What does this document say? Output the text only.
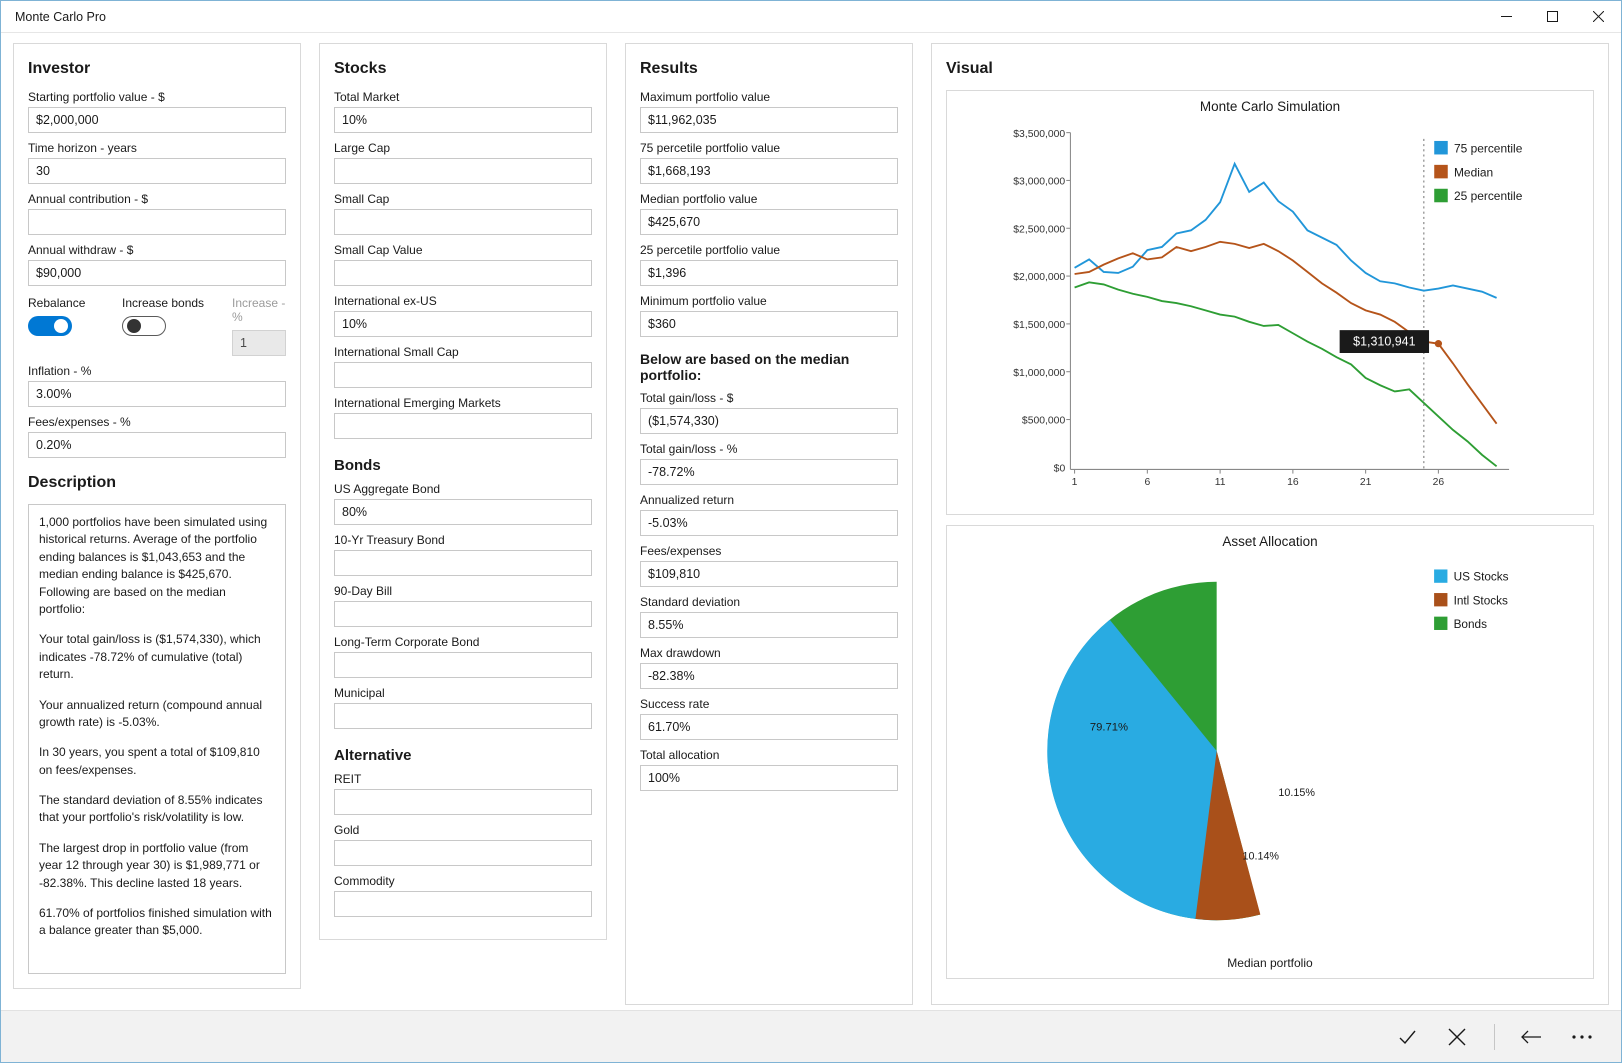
Monte Carlo Pro
Investor
Starting portfolio value - $
$2,000,000
Time horizon - years
30
Annual contribution - $
Annual withdraw - $
$90,000
Rebalance	Increase bonds	Increase - %
1
Inflation - %
3.00%
Fees/expenses - %
0.20%
Description

1,000 portfolios have been simulated using historical returns. Average of the portfolio ending balances is $1,043,653 and the median ending balance is $425,670. Following are based on the median portfolio:

Your total gain/loss is ($1,574,330), which indicates -78.72% of cumulative (total) return.

Your annualized return (compound annual growth rate) is -5.03%.

In 30 years, you spent a total of $109,810 on fees/expenses.

The standard deviation of 8.55% indicates that your portfolio's risk/volatility is low.

The largest drop in portfolio value (from year 12 through year 30) is $1,989,771 or -82.38%. This decline lasted 18 years.

61.70% of portfolios finished simulation with a balance greater than $5,000.

Stocks
Total Market
10%
Large Cap
Small Cap
Small Cap Value
International ex-US
10%
International Small Cap
International Emerging Markets
Bonds
US Aggregate Bond
80%
10-Yr Treasury Bond
90-Day Bill
Long-Term Corporate Bond
Municipal
Alternative
REIT
Gold
Commodity
Results
Maximum portfolio value
$11,962,035
75 percetile portfolio value
$1,668,193
Median portfolio value
$425,670
25 percetile portfolio value
$1,396
Minimum portfolio value
$360
Below are based on the median portfolio:
Total gain/loss - $
($1,574,330)
Total gain/loss - %
-78.72%
Annualized return
-5.03%
Fees/expenses
$109,810
Standard deviation
8.55%
Max drawdown
-82.38%
Success rate
61.70%
Total allocation
100%
Visual
Monte Carlo Simulation
$3,500,000
$3,000,000
$2,500,000
$2,000,000
$1,500,000
$1,000,000
$500,000
$0
1	6	11	16	21	26
$1,310,941
75 percentile
Median
25 percentile
Asset Allocation
79.71%
10.15%
10.14%
US Stocks
Intl Stocks
Bonds
Median portfolio
